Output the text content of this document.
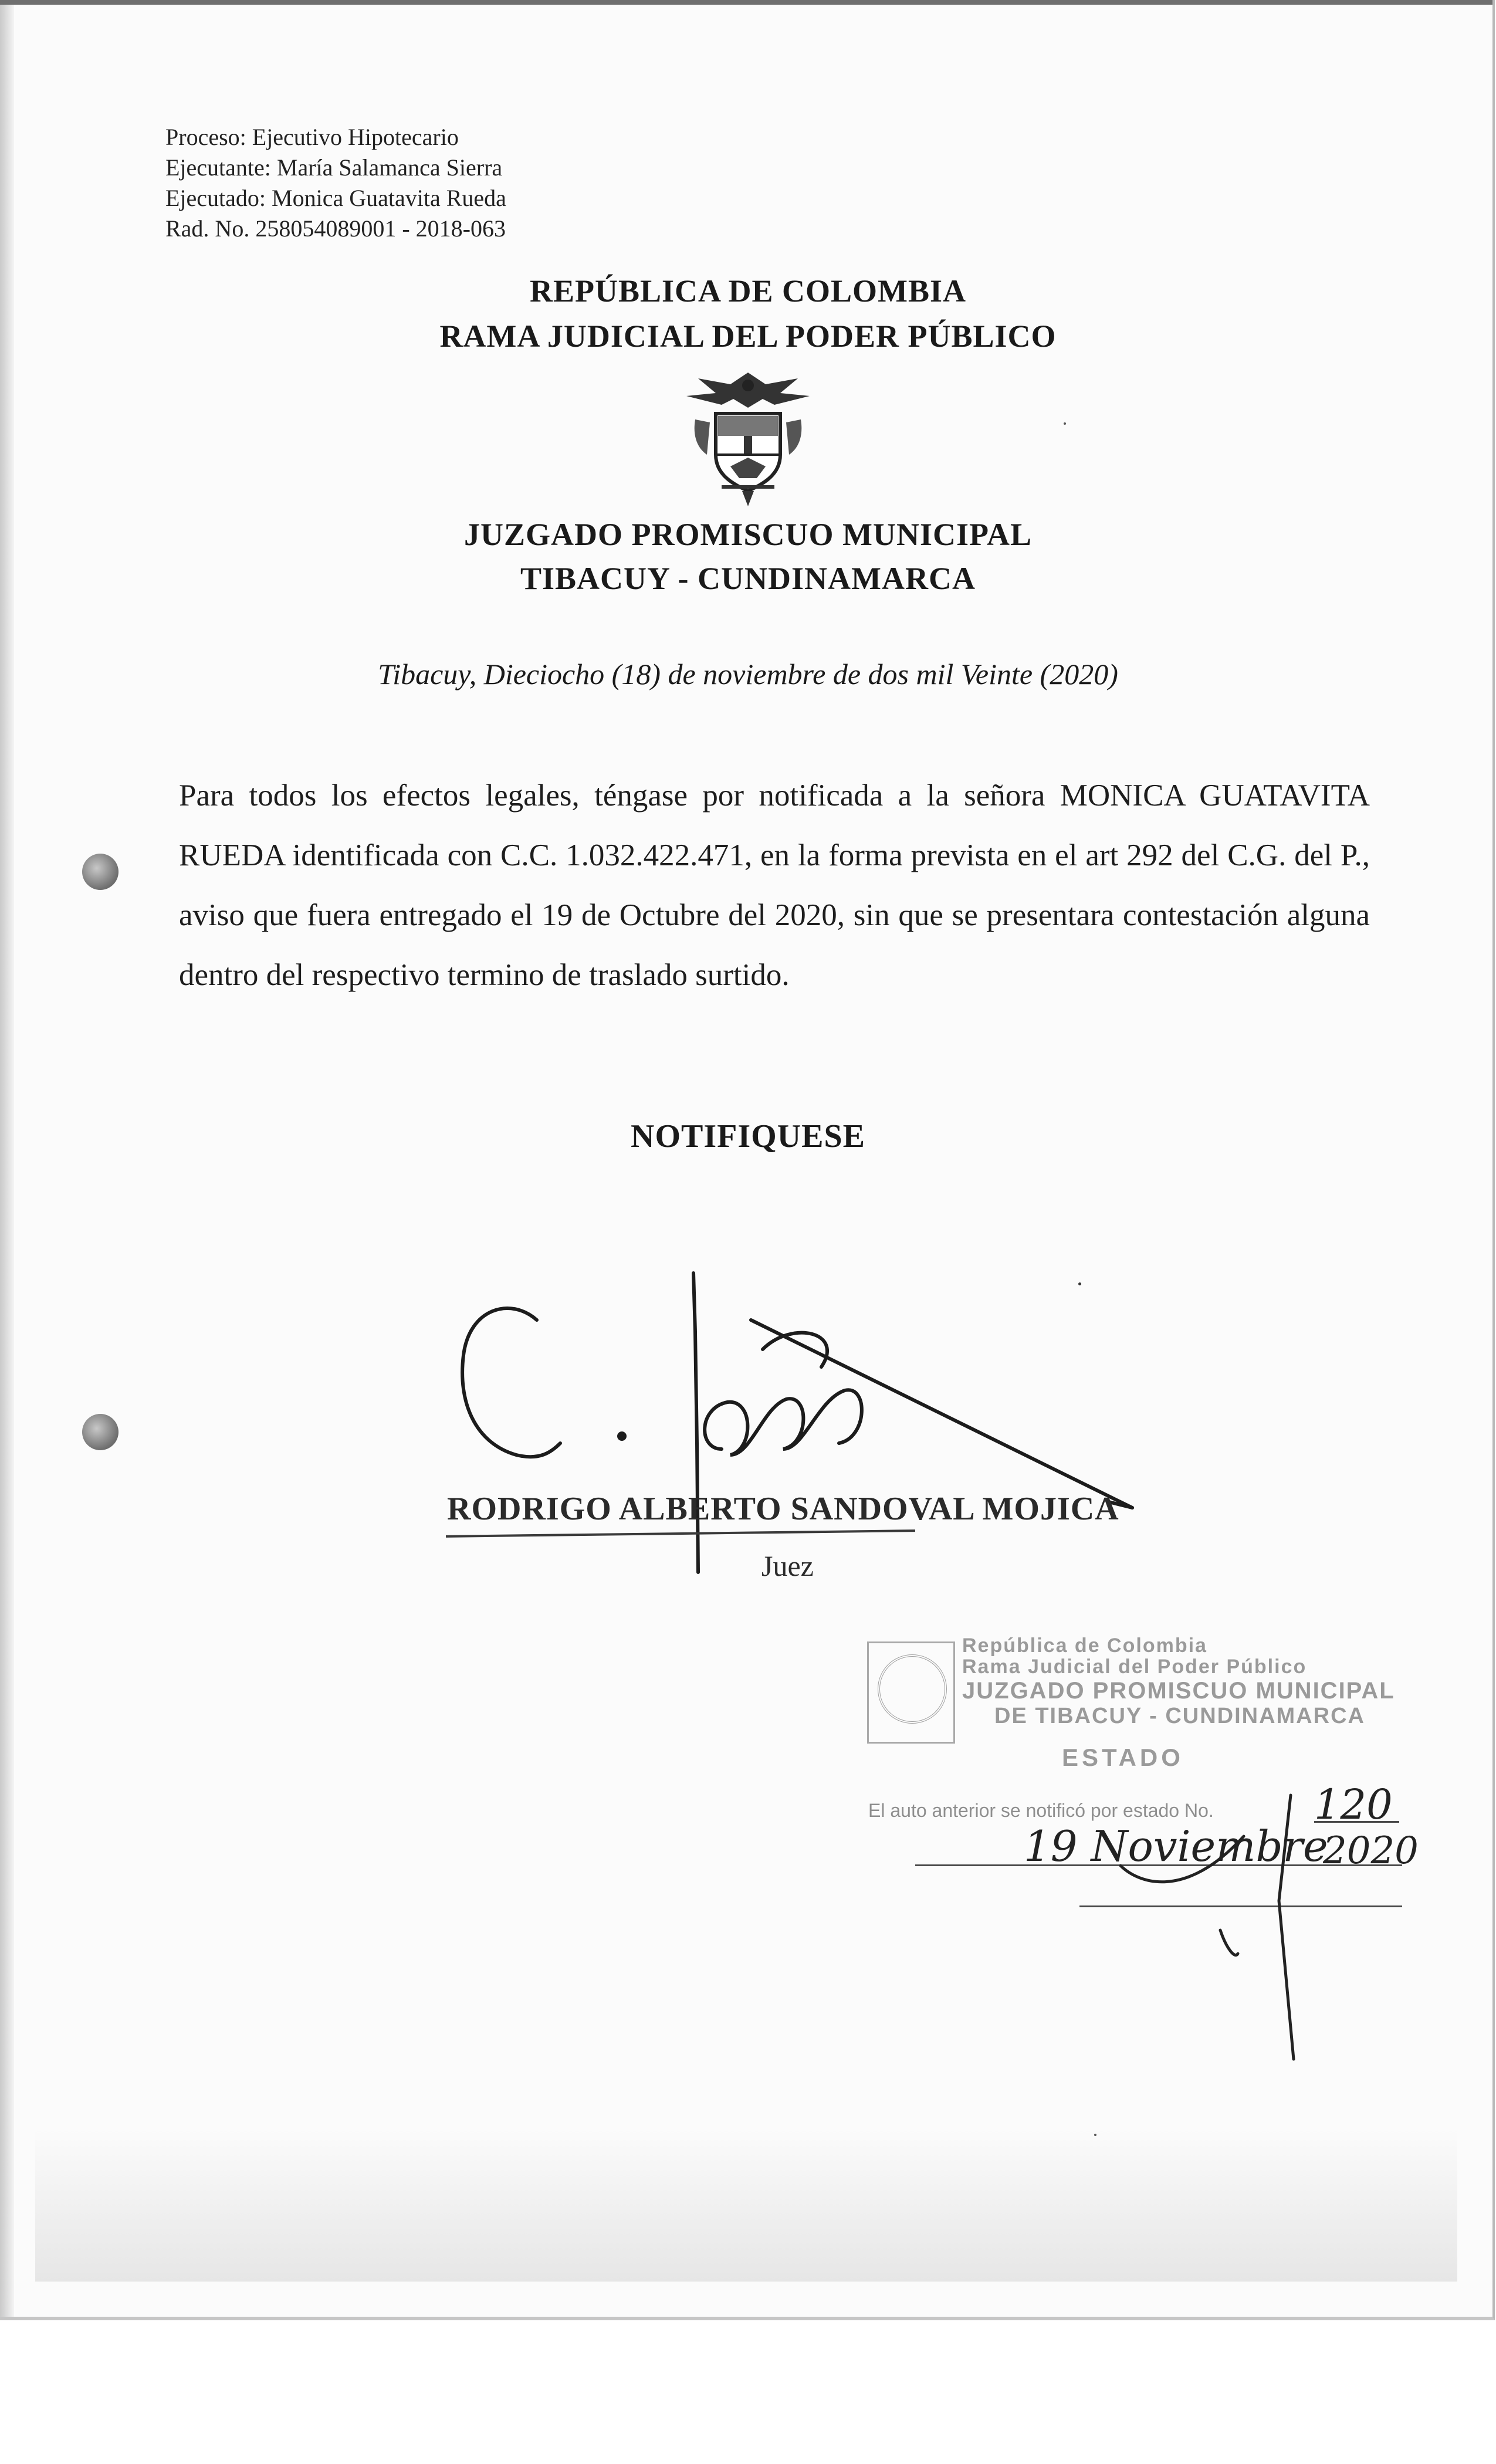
Proceso: Ejecutivo Hipotecario
Ejecutante: María Salamanca Sierra
Ejecutado: Monica Guatavita Rueda
Rad. No. 258054089001 - 2018-063
REPÚBLICA DE COLOMBIA
RAMA JUDICIAL DEL PODER PÚBLICO
JUZGADO PROMISCUO MUNICIPAL
TIBACUY - CUNDINAMARCA
Tibacuy, Dieciocho (18) de noviembre de dos mil Veinte (2020)
Para todos los efectos legales, téngase por notificada a la señora MONICA GUATAVITA RUEDA identificada con C.C. 1.032.422.471, en la forma prevista en el art 292 del C.G. del P., aviso que fuera entregado el 19 de Octubre del 2020, sin que se presentara contestación alguna dentro del respectivo termino de traslado surtido.
NOTIFIQUESE
RODRIGO ALBERTO SANDOVAL MOJICA
Juez
República de Colombia
Rama Judicial del Poder Público
JUZGADO PROMISCUO MUNICIPAL
DE TIBACUY - CUNDINAMARCA
ESTADO
El auto anterior se notificó por estado No. 120
19 Noviembre
2020
